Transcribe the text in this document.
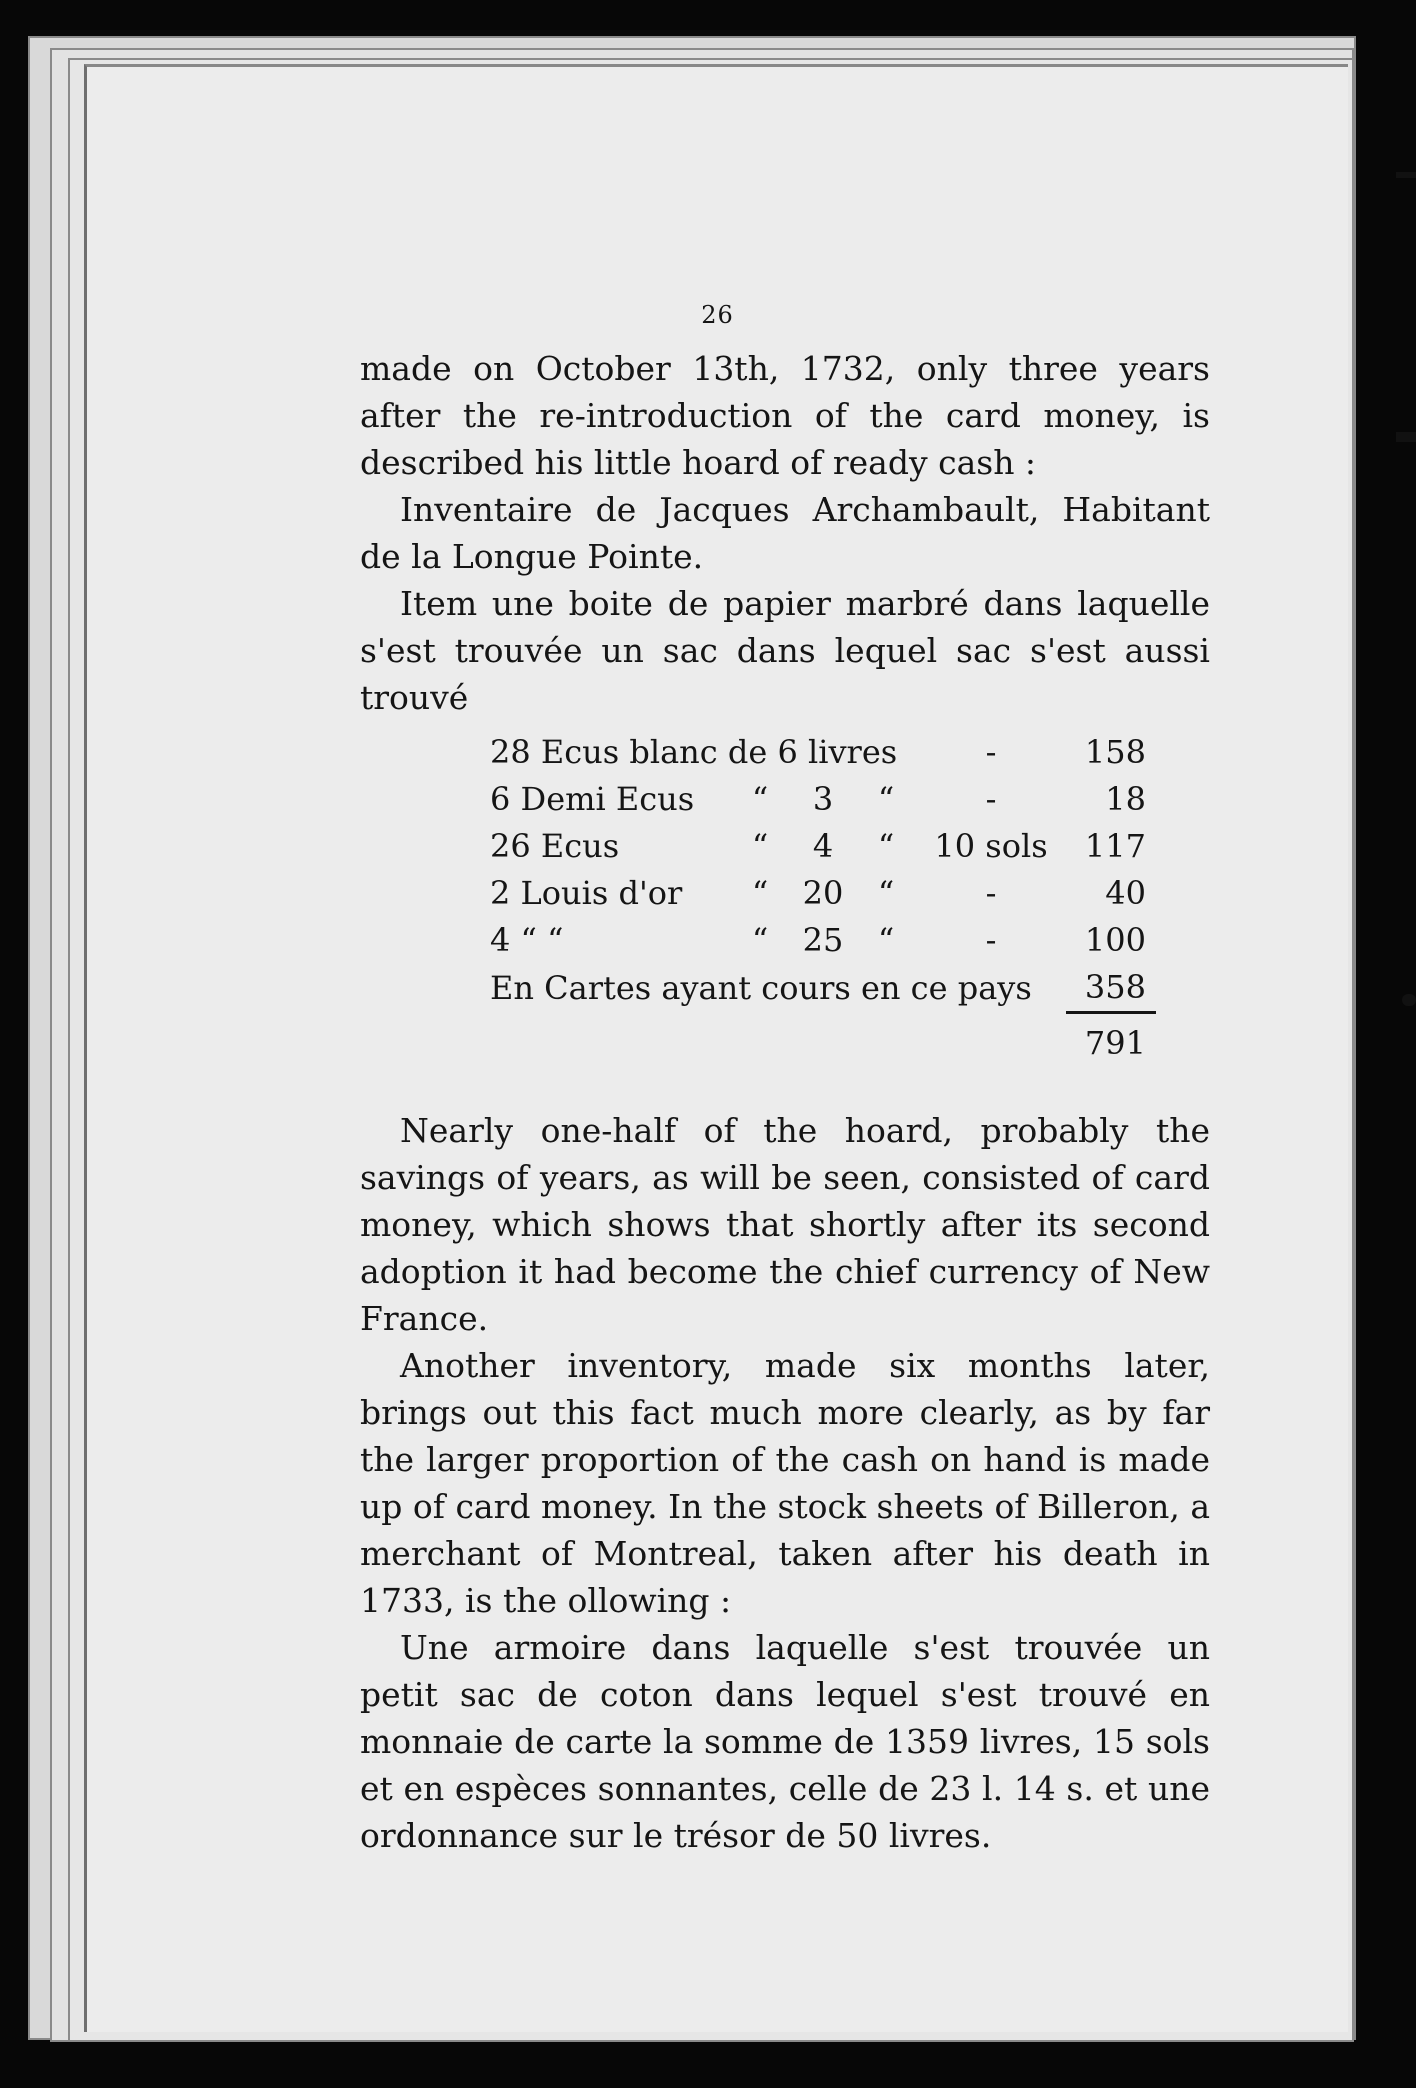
26

made on October 13th, 1732, only three years after the re-introduction of the card money, is described his little hoard of ready cash :

Inventaire de Jacques Archambault, Habitant de la Longue Pointe.

Item une boite de papier marbré dans laquelle s'est trouvée un sac dans lequel sac s'est aussi trouvé

28 Ecus blanc de 6 livres				-	158
6 Demi Ecus	“	3	“	-	18
26 Ecus	“	4	“	10 sols	117
2 Louis d'or	“	20	“	-	40
4 “ “	“	25	“	-	100
En Cartes ayant cours en ce pays					358
					791

Nearly one-half of the hoard, probably the savings of years, as will be seen, consisted of card money, which shows that shortly after its second adoption it had become the chief currency of New France.

Another inventory, made six months later, brings out this fact much more clearly, as by far the larger proportion of the cash on hand is made up of card money. In the stock sheets of Billeron, a merchant of Montreal, taken after his death in 1733, is the ollowing :

Une armoire dans laquelle s'est trouvée un petit sac de coton dans lequel s'est trouvé en monnaie de carte la somme de 1359 livres, 15 sols et en espèces sonnantes, celle de 23 l. 14 s. et une ordonnance sur le trésor de 50 livres.
